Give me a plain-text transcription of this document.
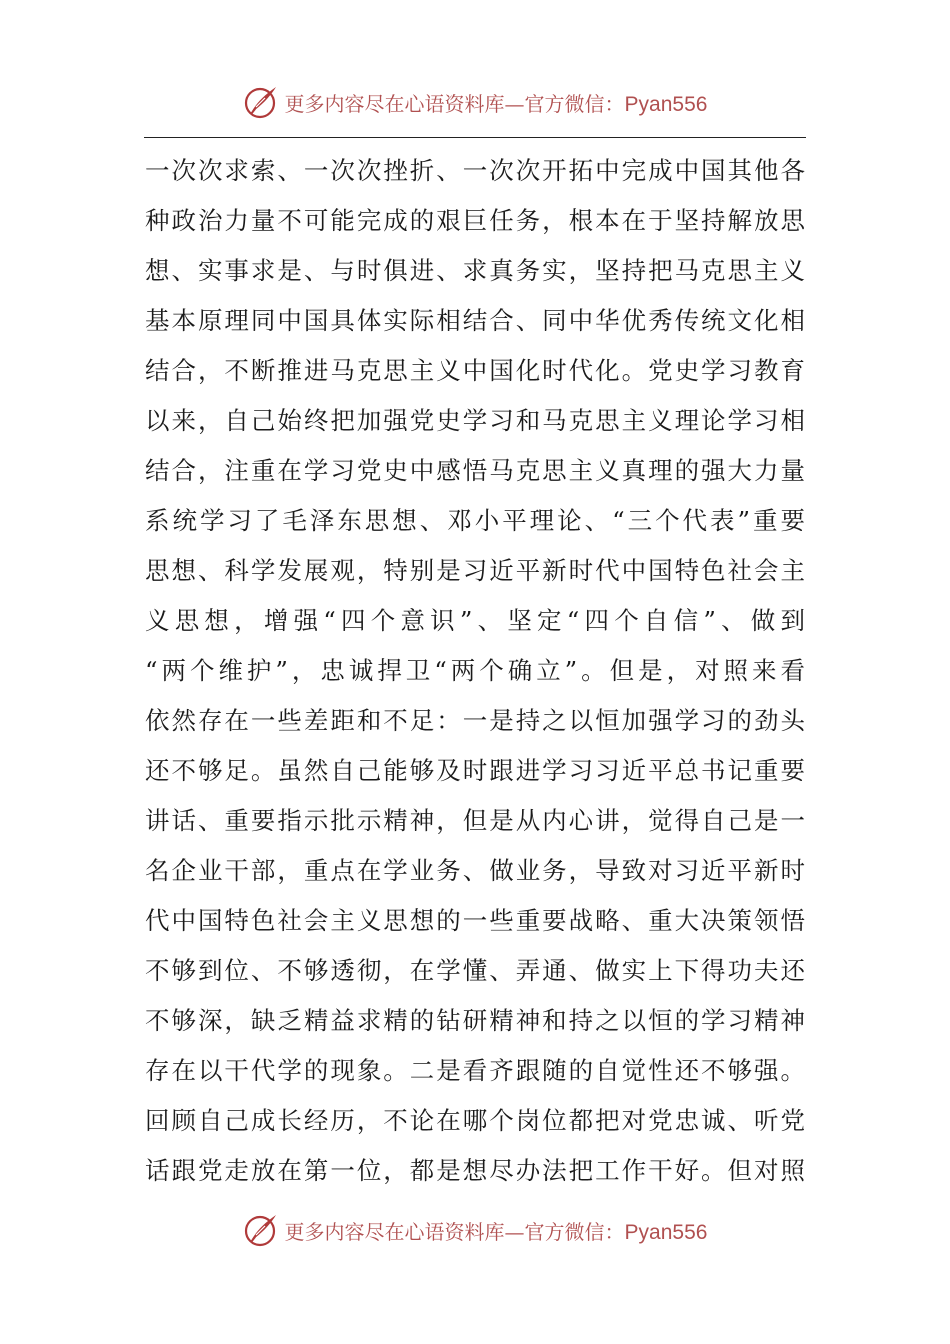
更多内容尽在心语资料库—官方微信：Pyan556
一次次求索、一次次挫折、一次次开拓中完成中国其他各
种政治力量不可能完成的艰巨任务，根本在于坚持解放思
想、实事求是、与时俱进、求真务实，坚持把马克思主义
基本原理同中国具体实际相结合、同中华优秀传统文化相
结合，不断推进马克思主义中国化时代化。党史学习教育
以来，自己始终把加强党史学习和马克思主义理论学习相
结合，注重在学习党史中感悟马克思主义真理的强大力量
系统学习了毛泽东思想、邓小平理论、“三个代表”重要
思想、科学发展观，特别是习近平新时代中国特色社会主
义思想，增强“四个意识”、坚定“四个自信”、做到
“两个维护”，忠诚捍卫“两个确立”。但是，对照来看
依然存在一些差距和不足：一是持之以恒加强学习的劲头
还不够足。虽然自己能够及时跟进学习习近平总书记重要
讲话、重要指示批示精神，但是从内心讲，觉得自己是一
名企业干部，重点在学业务、做业务，导致对习近平新时
代中国特色社会主义思想的一些重要战略、重大决策领悟
不够到位、不够透彻，在学懂、弄通、做实上下得功夫还
不够深，缺乏精益求精的钻研精神和持之以恒的学习精神
存在以干代学的现象。二是看齐跟随的自觉性还不够强。
回顾自己成长经历，不论在哪个岗位都把对党忠诚、听党
话跟党走放在第一位，都是想尽办法把工作干好。但对照
更多内容尽在心语资料库—官方微信：Pyan556
